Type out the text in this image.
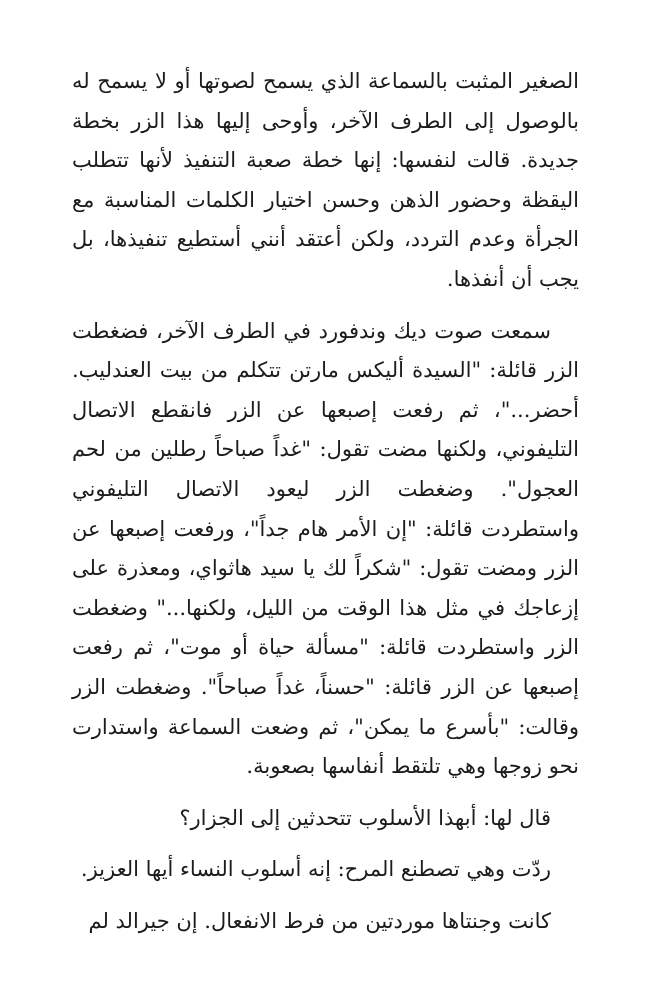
الصغير المثبت بالسماعة الذي يسمح لصوتها أو لا يسمح له بالوصول إلى الطرف الآخر، وأوحى إليها هذا الزر بخطة جديدة. قالت لنفسها: إنها خطة صعبة التنفيذ لأنها تتطلب اليقظة وحضور الذهن وحسن اختيار الكلمات المناسبة مع الجرأة وعدم التردد، ولكن أعتقد أنني أستطيع تنفيذها، بل يجب أن أنفذها.

سمعت صوت ديك وندفورد في الطرف الآخر، فضغطت الزر قائلة: "السيدة أليكس مارتن تتكلم من بيت العندليب. أحضر..."، ثم رفعت إصبعها عن الزر فانقطع الاتصال التليفوني، ولكنها مضت تقول: "غداً صباحاً رطلين من لحم العجول". وضغطت الزر ليعود الاتصال التليفوني واستطردت قائلة: "إن الأمر هام جداً"، ورفعت إصبعها عن الزر ومضت تقول: "شكراً لك يا سيد هاثواي، ومعذرة على إزعاجك في مثل هذا الوقت من الليل، ولكنها..." وضغطت الزر واستطردت قائلة: "مسألة حياة أو موت"، ثم رفعت إصبعها عن الزر قائلة: "حسناً، غداً صباحاً". وضغطت الزر وقالت: "بأسرع ما يمكن"، ثم وضعت السماعة واستدارت نحو زوجها وهي تلتقط أنفاسها بصعوبة.

قال لها: أبهذا الأسلوب تتحدثين إلى الجزار؟

ردّت وهي تصطنع المرح: إنه أسلوب النساء أيها العزيز.

كانت وجنتاها موردتين من فرط الانفعال. إن جيرالد لم
